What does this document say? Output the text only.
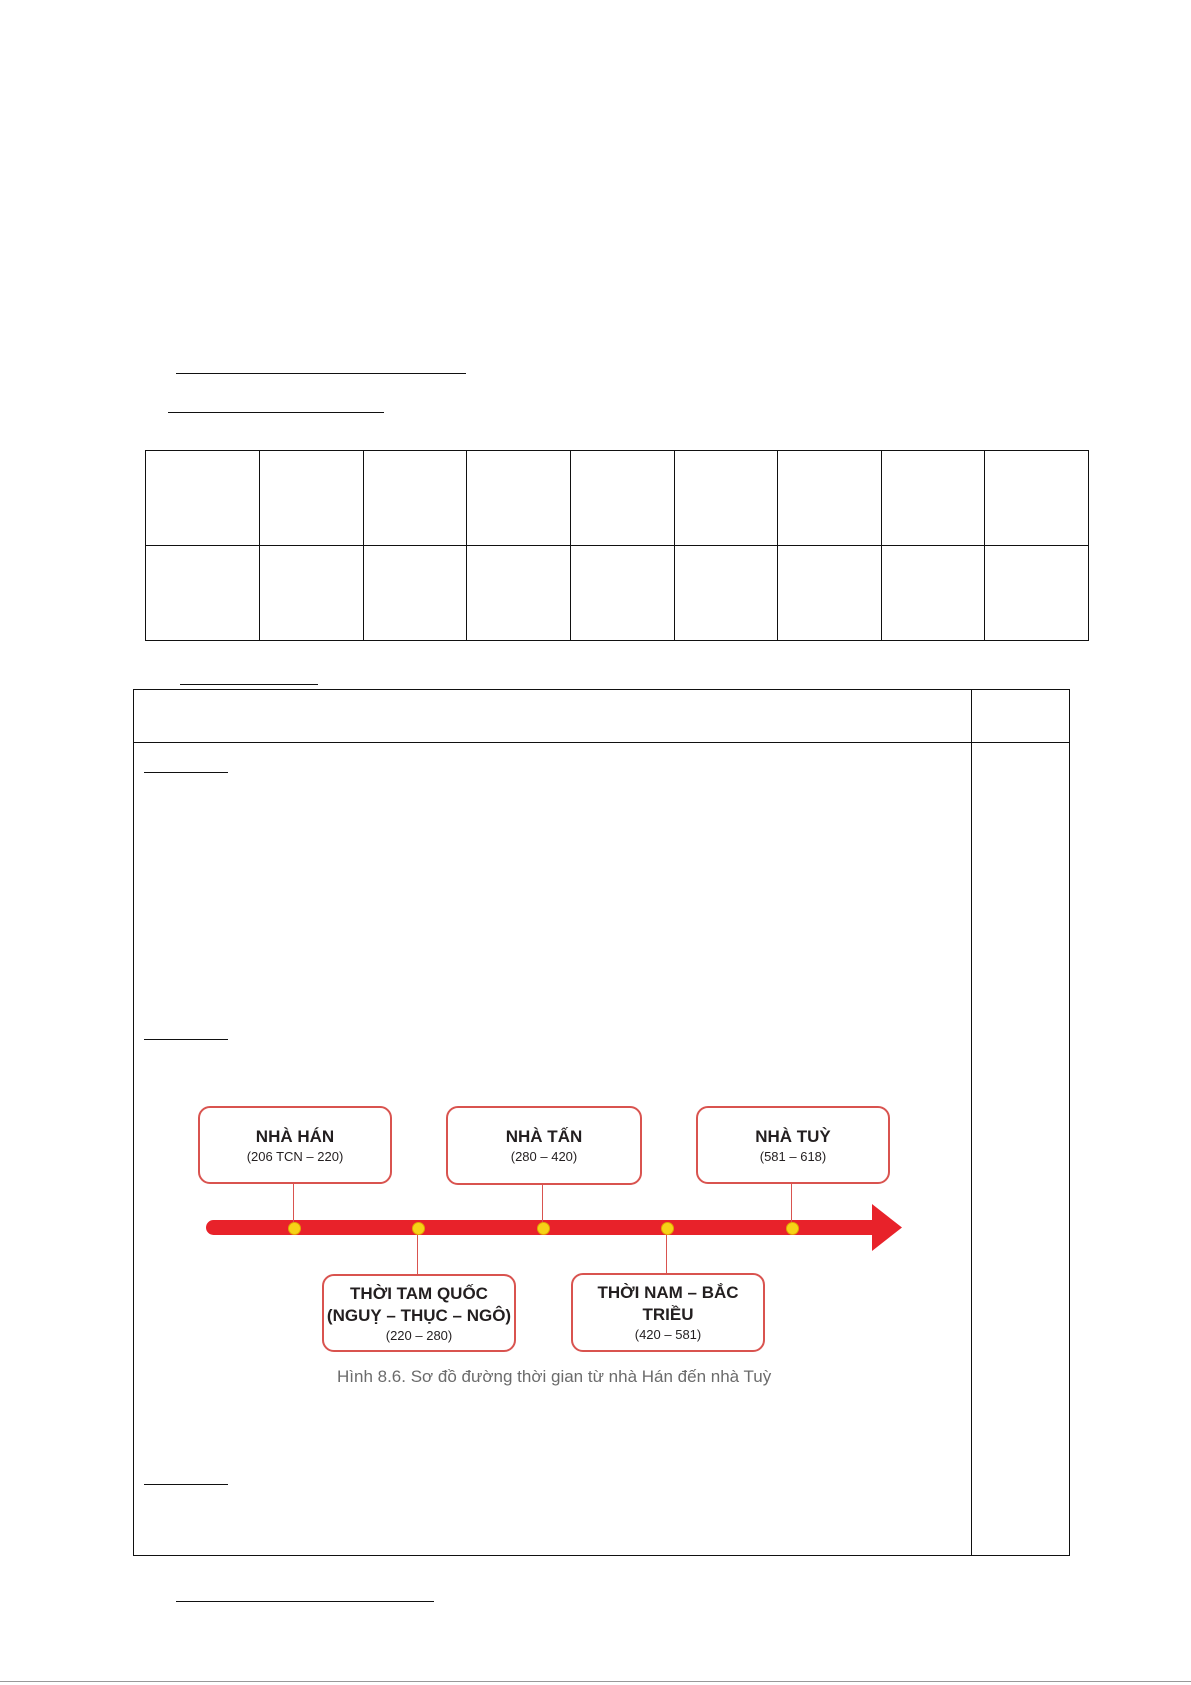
NHÀ HÁN
(206 TCN – 220)
NHÀ TẤN
(280 – 420)
NHÀ TUỲ
(581 – 618)
THỜI TAM QUỐC
(NGUỴ – THỤC – NGÔ)
(220 – 280)
THỜI NAM – BẮC TRIỀU
(420 – 581)
Hình 8.6. Sơ đồ đường thời gian từ nhà Hán đến nhà Tuỳ
